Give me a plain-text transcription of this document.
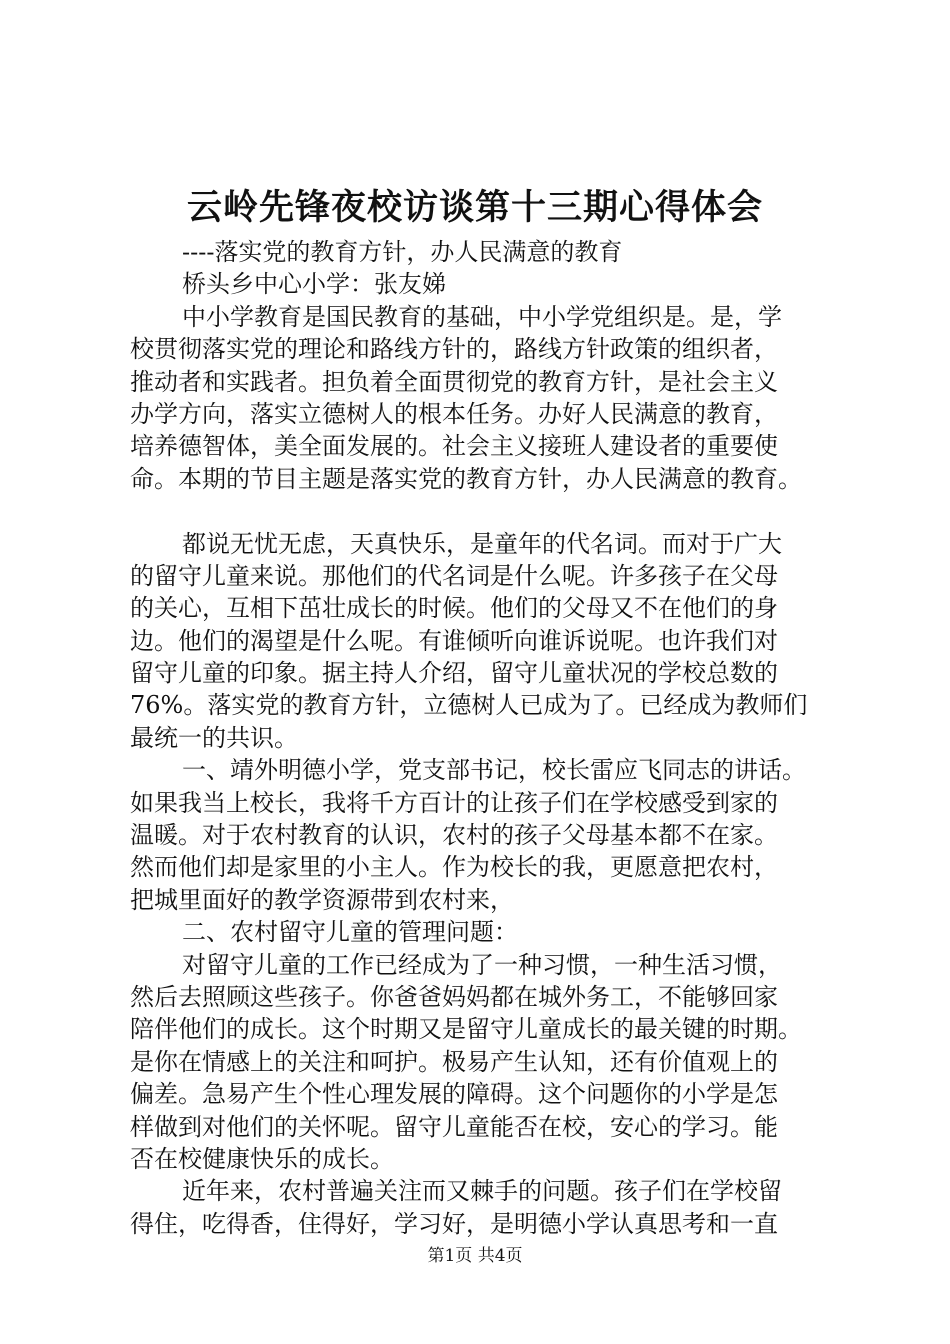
云岭先锋夜校访谈第十三期心得体会
----落实党的教育方针，办人民满意的教育
桥头乡中心小学：张友娣
中小学教育是国民教育的基础，中小学党组织是。是，学
校贯彻落实党的理论和路线方针的，路线方针政策的组织者，
推动者和实践者。担负着全面贯彻党的教育方针，是社会主义
办学方向，落实立德树人的根本任务。办好人民满意的教育，
培养德智体，美全面发展的。社会主义接班人建设者的重要使
命。本期的节目主题是落实党的教育方针，办人民满意的教育。
都说无忧无虑，天真快乐，是童年的代名词。而对于广大
的留守儿童来说。那他们的代名词是什么呢。许多孩子在父母
的关心，互相下茁壮成长的时候。他们的父母又不在他们的身
边。他们的渴望是什么呢。有谁倾听向谁诉说呢。也许我们对
留守儿童的印象。据主持人介绍，留守儿童状况的学校总数的
76%。落实党的教育方针，立德树人已成为了。已经成为教师们
最统一的共识。
一、靖外明德小学，党支部书记，校长雷应飞同志的讲话。
如果我当上校长，我将千方百计的让孩子们在学校感受到家的
温暖。对于农村教育的认识，农村的孩子父母基本都不在家。
然而他们却是家里的小主人。作为校长的我，更愿意把农村，
把城里面好的教学资源带到农村来，
二、农村留守儿童的管理问题：
对留守儿童的工作已经成为了一种习惯，一种生活习惯，
然后去照顾这些孩子。你爸爸妈妈都在城外务工，不能够回家
陪伴他们的成长。这个时期又是留守儿童成长的最关键的时期。
是你在情感上的关注和呵护。极易产生认知，还有价值观上的
偏差。急易产生个性心理发展的障碍。这个问题你的小学是怎
样做到对他们的关怀呢。留守儿童能否在校，安心的学习。能
否在校健康快乐的成长。
近年来，农村普遍关注而又棘手的问题。孩子们在学校留
得住，吃得香，住得好，学习好，是明德小学认真思考和一直

第1页 共4页
